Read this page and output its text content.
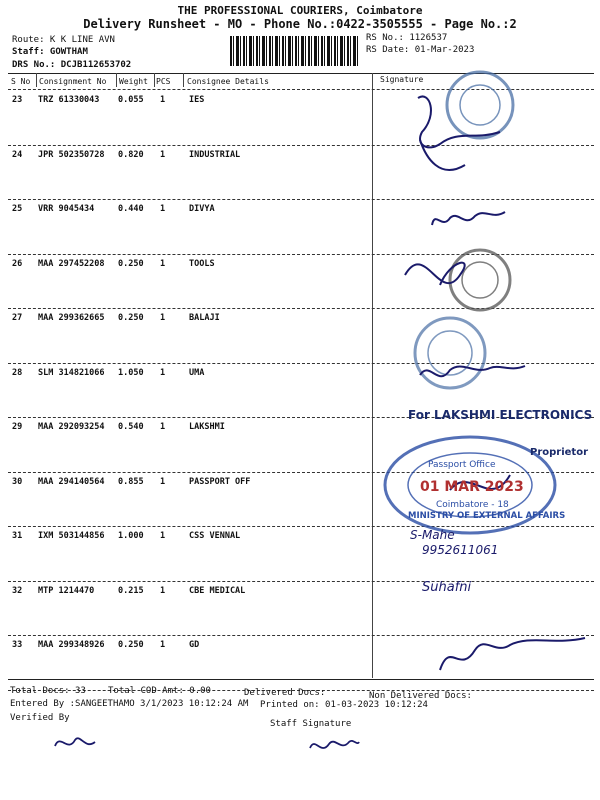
THE PROFESSIONAL COURIERS, Coimbatore
Delivery Runsheet - MO - Phone No.:0422-3505555 - Page No.:2
Route: K K LINE AVN
Staff: GOWTHAM
DRS No.: DCJB112653702
RS No.: 1126537
RS Date: 01-Mar-2023
S No Consignment No Weight PCS Consignee Details	Signature
23 TRZ 61330043 0.055 1	IES
24 JPR 502350728 0.820 1	INDUSTRIAL
25 VRR 9045434	0.440 1	DIVYA
26 MAA 297452208 0.250 1	TOOLS
27 MAA 299362665 0.250 1	BALAJI
28 SLM 314821066 1.050 1	UMA
29 MAA 292093254 0.540 1	LAKSHMI
30 MAA 294140564 0.855 1	PASSPORT OFF
31 IXM 503144856 1.000 1	CSS VENNAL
32 MTP 1214470	0.215 1	CBE MEDICAL
33 MAA 299348926 0.250 1	GD
For LAKSHMI ELECTRONICS
Proprietor
Passport Office
01 MAR 2023
Coimbatore - 18
MINISTRY OF EXTERNAL AFFAIRS
S-Mahe
9952611061
Suhafni
Total Docs: 33 Total COD Amt: 0.00	Delivered Docs:	Non Delivered Docs:
Entered By :SANGEETHAMO 3/1/2023 10:12:24 AM Printed on: 01-03-2023 10:12:24
Verified By
Staff Signature
